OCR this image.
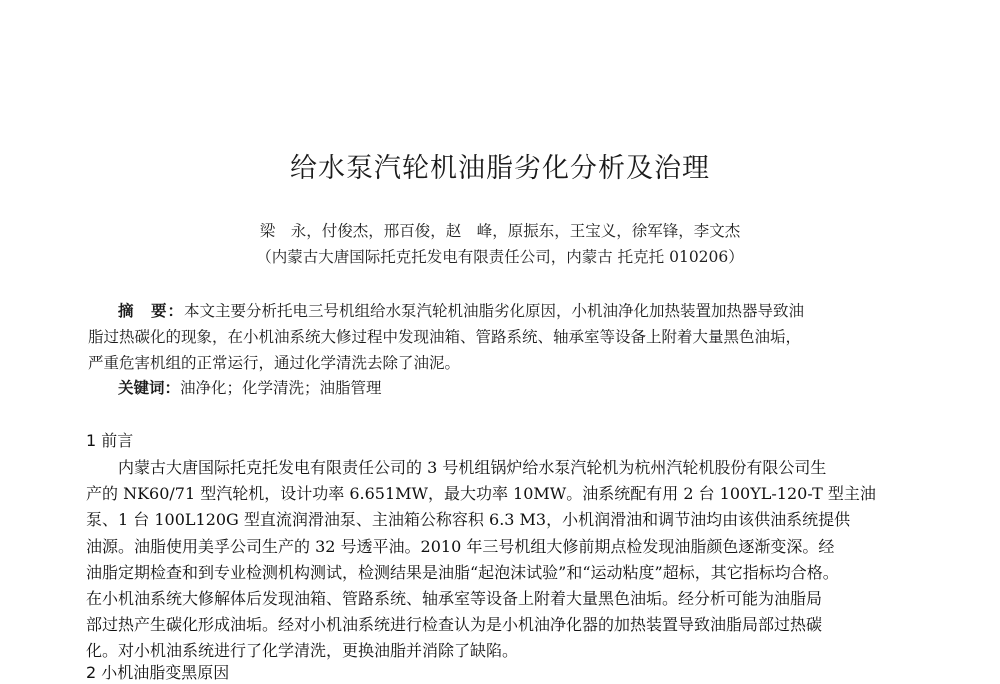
给水泵汽轮机油脂劣化分析及治理
梁　永，付俊杰，邢百俊，赵　峰，原振东，王宝义，徐军锋，李文杰
（内蒙古大唐国际托克托发电有限责任公司，内蒙古 托克托 010206）
摘　要：本文主要分析托电三号机组给水泵汽轮机油脂劣化原因，小机油净化加热装置加热器导致油
脂过热碳化的现象，在小机油系统大修过程中发现油箱、管路系统、轴承室等设备上附着大量黑色油垢，
严重危害机组的正常运行，通过化学清洗去除了油泥。
关键词：油净化；化学清洗；油脂管理
1 前言
内蒙古大唐国际托克托发电有限责任公司的 3 号机组锅炉给水泵汽轮机为杭州汽轮机股份有限公司生
产的 NK60/71 型汽轮机，设计功率 6.651MW，最大功率 10MW。油系统配有用 2 台 100YL-120-T 型主油
泵、1 台 100L120G 型直流润滑油泵、主油箱公称容积 6.3 M3，小机润滑油和调节油均由该供油系统提供
油源。油脂使用美孚公司生产的 32 号透平油。2010 年三号机组大修前期点检发现油脂颜色逐渐变深。经
油脂定期检查和到专业检测机构测试，检测结果是油脂“起泡沫试验”和“运动粘度”超标，其它指标均合格。
在小机油系统大修解体后发现油箱、管路系统、轴承室等设备上附着大量黑色油垢。经分析可能为油脂局
部过热产生碳化形成油垢。经对小机油系统进行检查认为是小机油净化器的加热装置导致油脂局部过热碳
化。对小机油系统进行了化学清洗，更换油脂并消除了缺陷。
2 小机油脂变黑原因
